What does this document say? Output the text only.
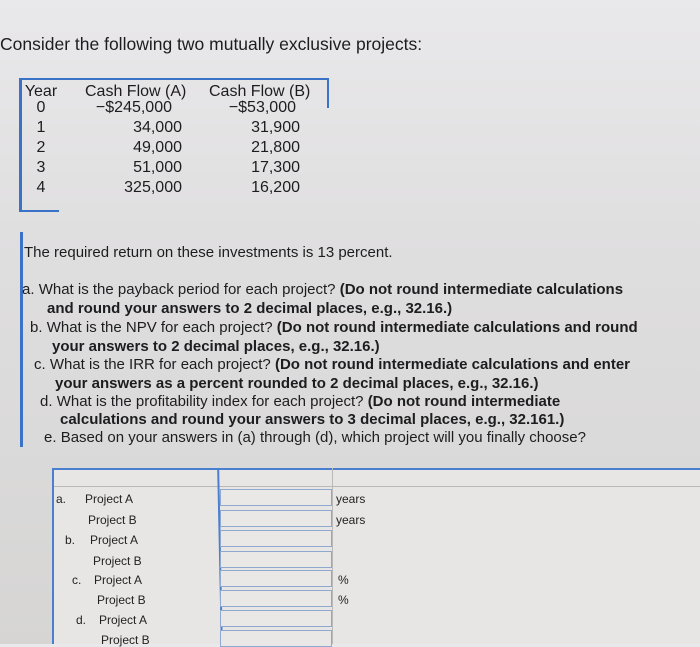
Consider the following two mutually exclusive projects:
Year Cash Flow (A) Cash Flow (B)
0	−$245,000	−$53,000
1	34,000	31,900
2	49,000	21,800
3	51,000	17,300
4	325,000	16,200
The required return on these investments is 13 percent.
a. What is the payback period for each project? (Do not round intermediate calculations
and round your answers to 2 decimal places, e.g., 32.16.)
b. What is the NPV for each project? (Do not round intermediate calculations and round
your answers to 2 decimal places, e.g., 32.16.)
c. What is the IRR for each project? (Do not round intermediate calculations and enter
your answers as a percent rounded to 2 decimal places, e.g., 32.16.)
d. What is the profitability index for each project? (Do not round intermediate
calculations and round your answers to 3 decimal places, e.g., 32.161.)
e. Based on your answers in (a) through (d), which project will you finally choose?
a. Project A	years
Project B	years
b. Project A
Project B
c. Project A	%
Project B	%
d. Project A
Project B
